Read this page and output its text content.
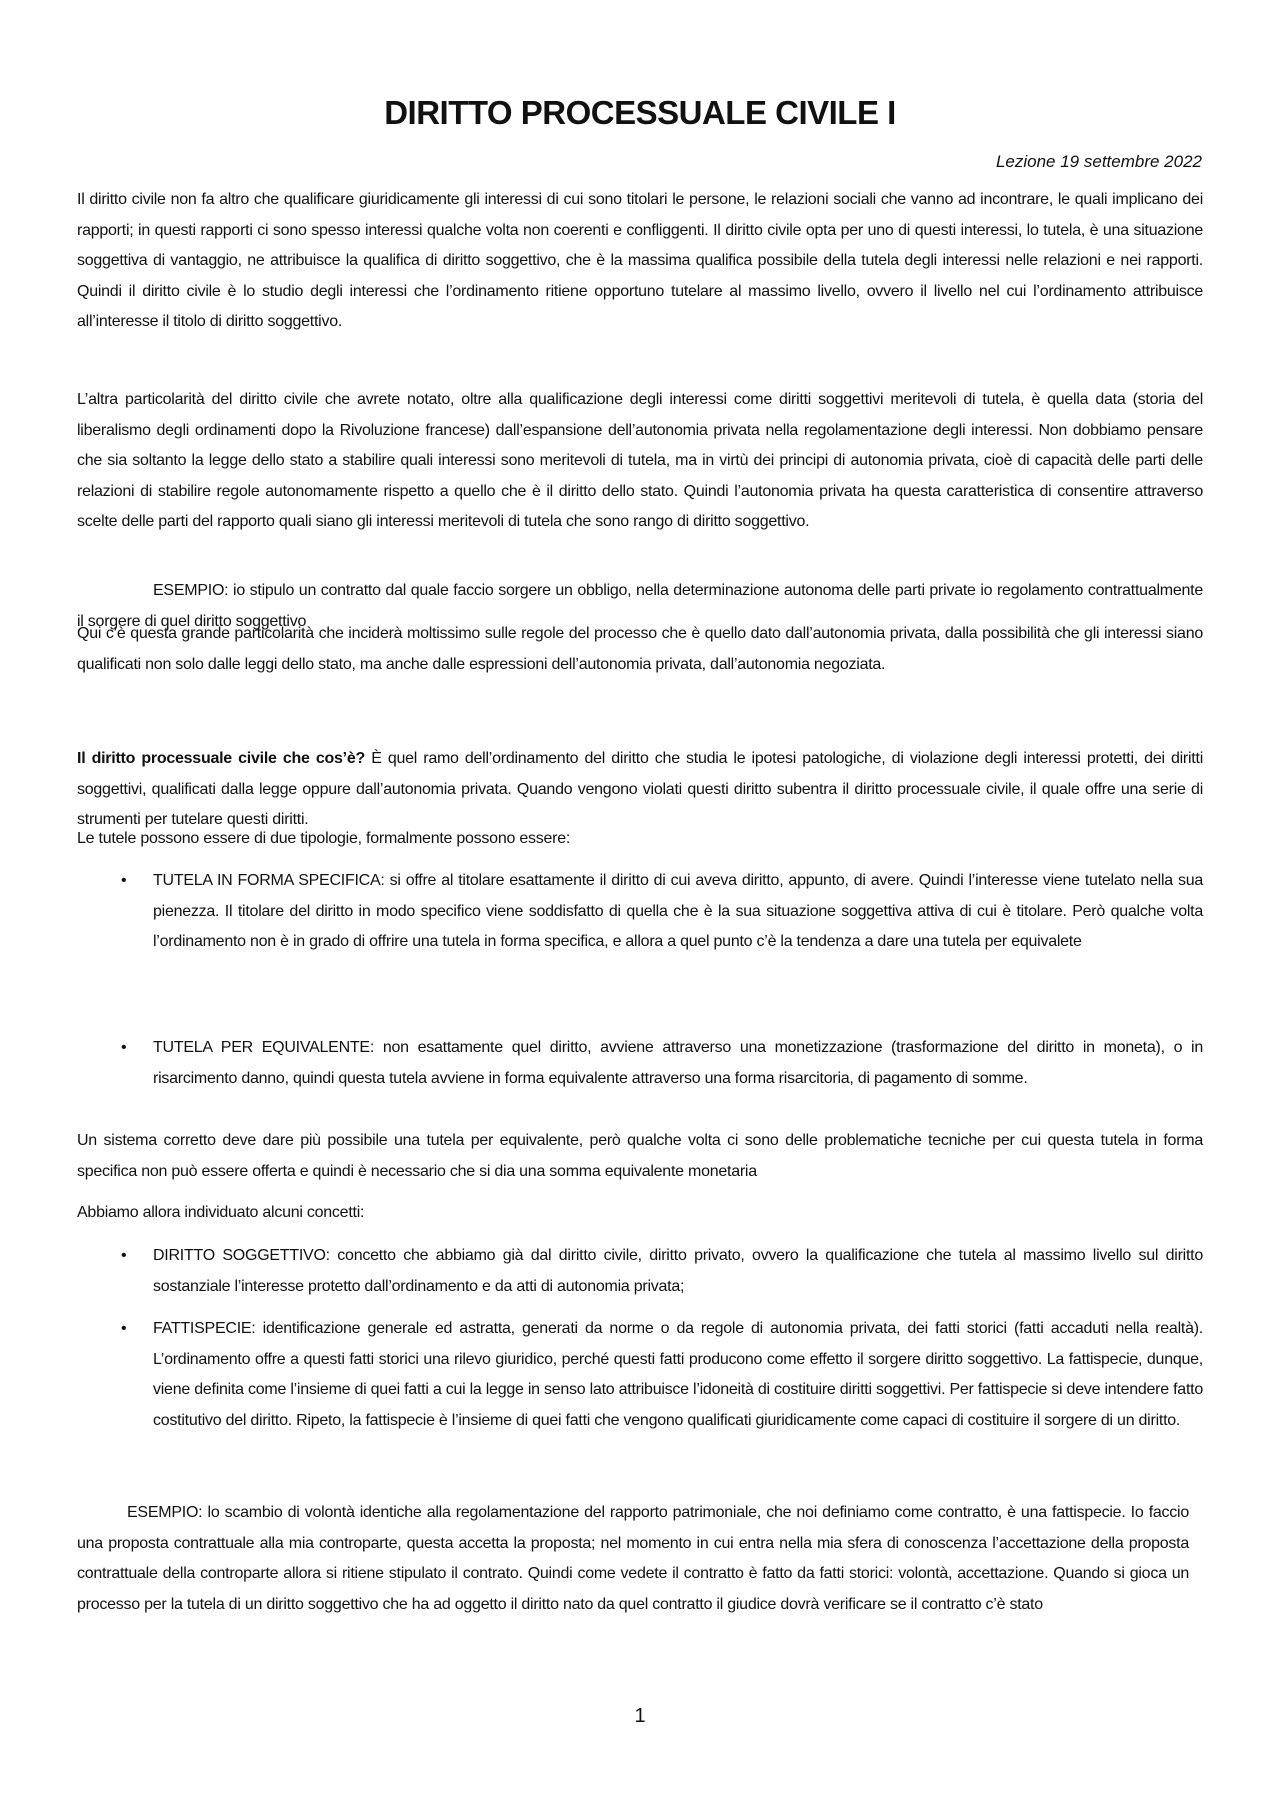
DIRITTO PROCESSUALE CIVILE I
Lezione 19 settembre 2022

Il diritto civile non fa altro che qualificare giuridicamente gli interessi di cui sono titolari le persone, le relazioni sociali che vanno ad incontrare, le quali implicano dei rapporti; in questi rapporti ci sono spesso interessi qualche volta non coerenti e confliggenti. Il diritto civile opta per uno di questi interessi, lo tutela, è una situazione soggettiva di vantaggio, ne attribuisce la qualifica di diritto soggettivo, che è la massima qualifica possibile della tutela degli interessi nelle relazioni e nei rapporti. Quindi il diritto civile è lo studio degli interessi che l’ordinamento ritiene opportuno tutelare al massimo livello, ovvero il livello nel cui l’ordinamento attribuisce all’interesse il titolo di diritto soggettivo.

L’altra particolarità del diritto civile che avrete notato, oltre alla qualificazione degli interessi come diritti soggettivi meritevoli di tutela, è quella data (storia del liberalismo degli ordinamenti dopo la Rivoluzione francese) dall’espansione dell’autonomia privata nella regolamentazione degli interessi. Non dobbiamo pensare che sia soltanto la legge dello stato a stabilire quali interessi sono meritevoli di tutela, ma in virtù dei principi di autonomia privata, cioè di capacità delle parti delle relazioni di stabilire regole autonomamente rispetto a quello che è il diritto dello stato. Quindi l’autonomia privata ha questa caratteristica di consentire attraverso scelte delle parti del rapporto quali siano gli interessi meritevoli di tutela che sono rango di diritto soggettivo.

ESEMPIO: io stipulo un contratto dal quale faccio sorgere un obbligo, nella determinazione autonoma delle parti private io regolamento contrattualmente il sorgere di quel diritto soggettivo

Qui c’è questa grande particolarità che inciderà moltissimo sulle regole del processo che è quello dato dall’autonomia privata, dalla possibilità che gli interessi siano qualificati non solo dalle leggi dello stato, ma anche dalle espressioni dell’autonomia privata, dall’autonomia negoziata.

Il diritto processuale civile che cos’è? È quel ramo dell’ordinamento del diritto che studia le ipotesi patologiche, di violazione degli interessi protetti, dei diritti soggettivi, qualificati dalla legge oppure dall’autonomia privata. Quando vengono violati questi diritto subentra il diritto processuale civile, il quale offre una serie di strumenti per tutelare questi diritti.

Le tutele possono essere di due tipologie, formalmente possono essere:

• TUTELA IN FORMA SPECIFICA: si offre al titolare esattamente il diritto di cui aveva diritto, appunto, di avere. Quindi l’interesse viene tutelato nella sua pienezza. Il titolare del diritto in modo specifico viene soddisfatto di quella che è la sua situazione soggettiva attiva di cui è titolare. Però qualche volta l’ordinamento non è in grado di offrire una tutela in forma specifica, e allora a quel punto c’è la tendenza a dare una tutela per equivalete

• TUTELA PER EQUIVALENTE: non esattamente quel diritto, avviene attraverso una monetizzazione (trasformazione del diritto in moneta), o in risarcimento danno, quindi questa tutela avviene in forma equivalente attraverso una forma risarcitoria, di pagamento di somme.

Un sistema corretto deve dare più possibile una tutela per equivalente, però qualche volta ci sono delle problematiche tecniche per cui questa tutela in forma specifica non può essere offerta e quindi è necessario che si dia una somma equivalente monetaria

Abbiamo allora individuato alcuni concetti:

• DIRITTO SOGGETTIVO: concetto che abbiamo già dal diritto civile, diritto privato, ovvero la qualificazione che tutela al massimo livello sul diritto sostanziale l’interesse protetto dall’ordinamento e da atti di autonomia privata;

• FATTISPECIE: identificazione generale ed astratta, generati da norme o da regole di autonomia privata, dei fatti storici (fatti accaduti nella realtà). L’ordinamento offre a questi fatti storici una rilevo giuridico, perché questi fatti producono come effetto il sorgere diritto soggettivo. La fattispecie, dunque, viene definita come l’insieme di quei fatti a cui la legge in senso lato attribuisce l’idoneità di costituire diritti soggettivi. Per fattispecie si deve intendere fatto costitutivo del diritto. Ripeto, la fattispecie è l’insieme di quei fatti che vengono qualificati giuridicamente come capaci di costituire il sorgere di un diritto.

ESEMPIO: lo scambio di volontà identiche alla regolamentazione del rapporto patrimoniale, che noi definiamo come contratto, è una fattispecie. Io faccio una proposta contrattuale alla mia controparte, questa accetta la proposta; nel momento in cui entra nella mia sfera di conoscenza l’accettazione della proposta contrattuale della controparte allora si ritiene stipulato il contrato. Quindi come vedete il contratto è fatto da fatti storici: volontà, accettazione. Quando si gioca un processo per la tutela di un diritto soggettivo che ha ad oggetto il diritto nato da quel contratto il giudice dovrà verificare se il contratto c’è stato

1
